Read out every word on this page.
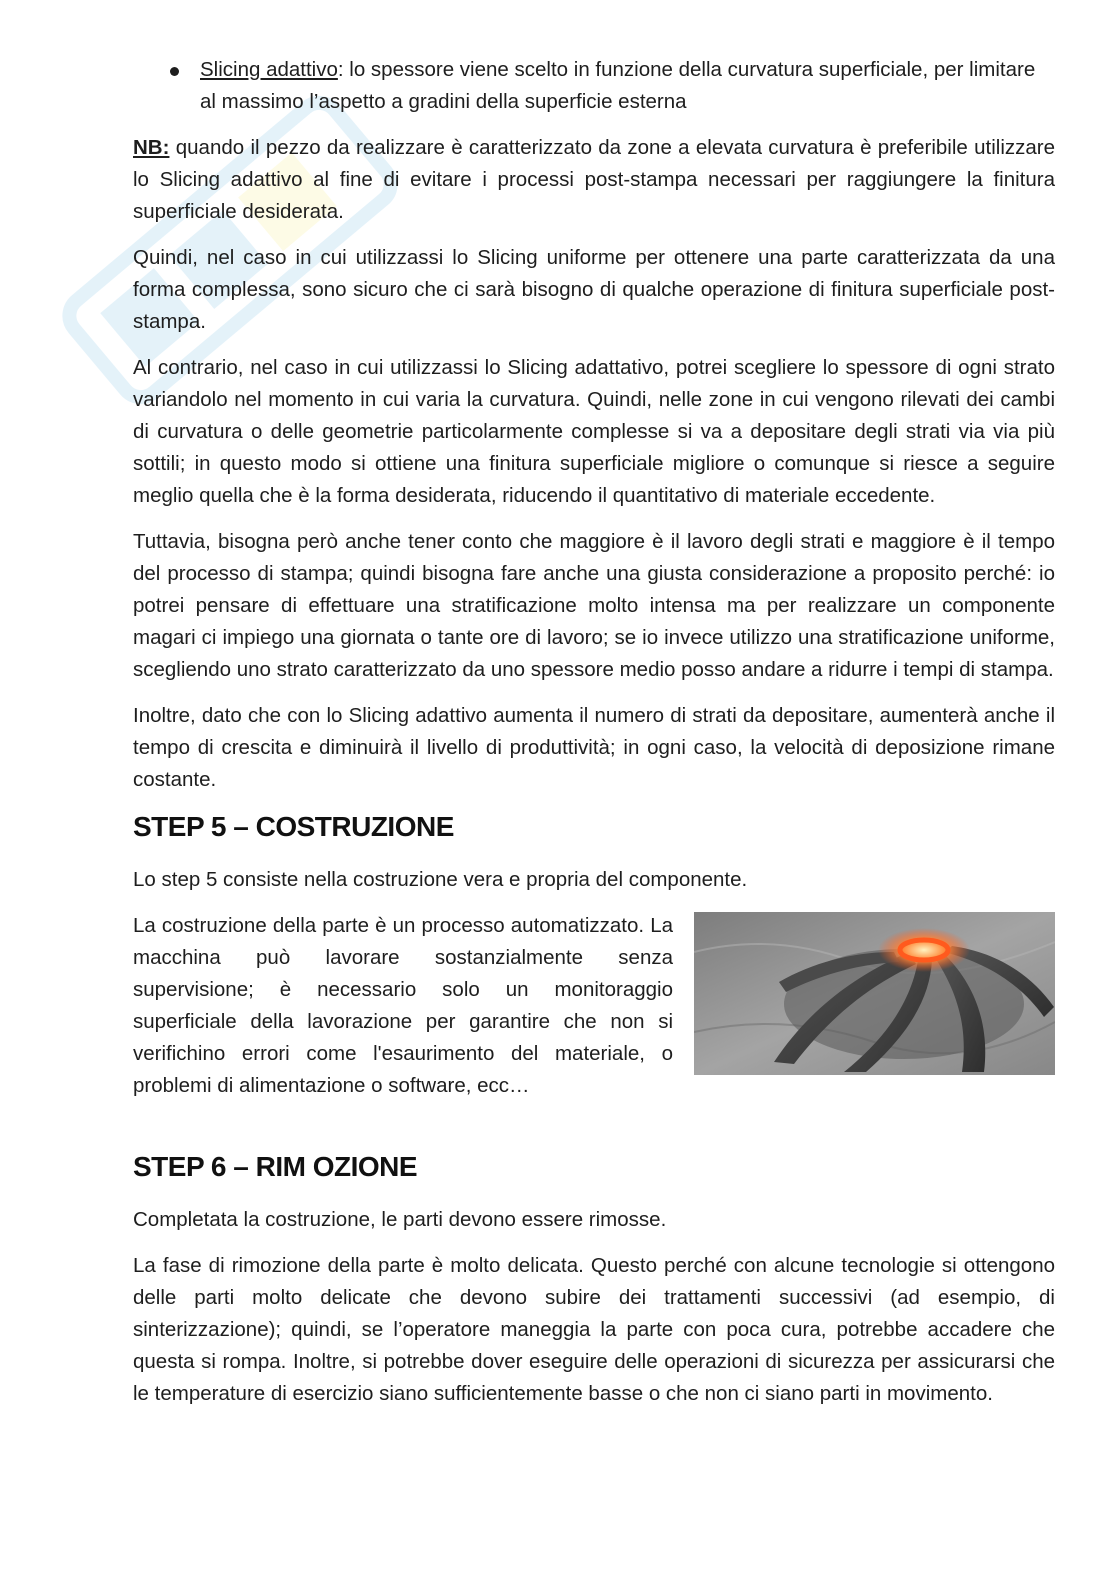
Slicing adattivo: lo spessore viene scelto in funzione della curvatura superficiale, per limitare al massimo l’aspetto a gradini della superficie esterna

NB: quando il pezzo da realizzare è caratterizzato da zone a elevata curvatura è preferibile utilizzare lo Slicing adattivo al fine di evitare i processi post-stampa necessari per raggiungere la finitura superficiale desiderata.

Quindi, nel caso in cui utilizzassi lo Slicing uniforme per ottenere una parte caratterizzata da una forma complessa, sono sicuro che ci sarà bisogno di qualche operazione di finitura superficiale post-stampa.

Al contrario, nel caso in cui utilizzassi lo Slicing adattativo, potrei scegliere lo spessore di ogni strato variandolo nel momento in cui varia la curvatura. Quindi, nelle zone in cui vengono rilevati dei cambi di curvatura o delle geometrie particolarmente complesse si va a depositare degli strati via via più sottili; in questo modo si ottiene una finitura superficiale migliore o comunque si riesce a seguire meglio quella che è la forma desiderata, riducendo il quantitativo di materiale eccedente.

Tuttavia, bisogna però anche tener conto che maggiore è il lavoro degli strati e maggiore è il tempo del processo di stampa; quindi bisogna fare anche una giusta considerazione a proposito perché: io potrei pensare di effettuare una stratificazione molto intensa ma per realizzare un componente magari ci impiego una giornata o tante ore di lavoro; se io invece utilizzo una stratificazione uniforme, scegliendo uno strato caratterizzato da uno spessore medio posso andare a ridurre i tempi di stampa.

Inoltre, dato che con lo Slicing adattivo aumenta il numero di strati da depositare, aumenterà anche il tempo di crescita e diminuirà il livello di produttività; in ogni caso, la velocità di deposizione rimane costante.

STEP 5 – COSTRUZIONE

Lo step 5 consiste nella costruzione vera e propria del componente.

La costruzione della parte è un processo automatizzato. La macchina può lavorare sostanzialmente senza supervisione; è necessario solo un monitoraggio superficiale della lavorazione per garantire che non si verifichino errori come l'esaurimento del materiale, o problemi di alimentazione o software, ecc…

STEP 6 – RIM OZIONE

Completata la costruzione, le parti devono essere rimosse.

La fase di rimozione della parte è molto delicata. Questo perché con alcune tecnologie si ottengono delle parti molto delicate che devono subire dei trattamenti successivi (ad esempio, di sinterizzazione); quindi, se l’operatore maneggia la parte con poca cura, potrebbe accadere che questa si rompa. Inoltre, si potrebbe dover eseguire delle operazioni di sicurezza per assicurarsi che le temperature di esercizio siano sufficientemente basse o che non ci siano parti in movimento.
